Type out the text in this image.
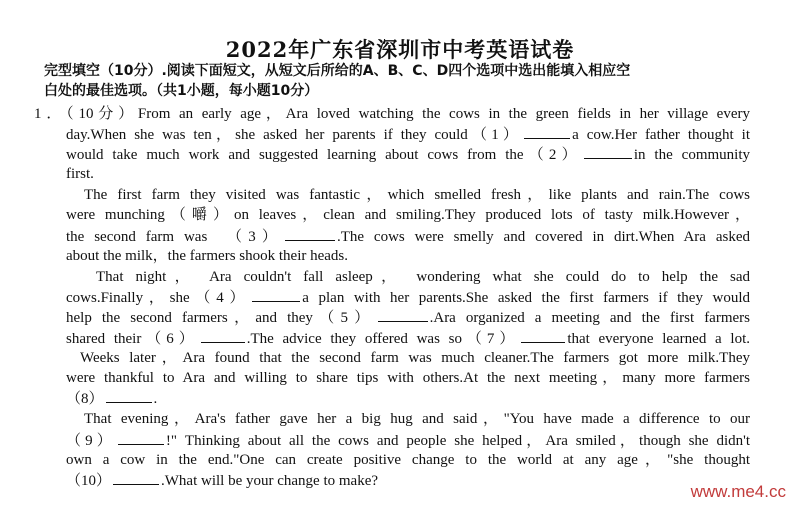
2022年广东省深圳市中考英语试卷
完型填空（10分）.阅读下面短文，从短文后所给的A、B、C、D四个选项中选出能填入相应空
白处的最佳选项。（共1小题，每小题10分）
1．（10分）From an early age，Ara loved watching the cows in the green fields in her village every
day.When she was ten，she asked her parents if they could（1）	a cow.Her father thought it
would take much work and suggested learning about cows from the（2）	in the community
first.
The first farm they visited was fantastic，which smelled fresh，like plants and rain.The cows
were munching（嚼）on leaves，clean and smiling.They produced lots of tasty milk.However，
the second farm was　（3）	.The cows were smelly and covered in dirt.When Ara asked
about the milk，the farmers shook their heads.
That night， Ara couldn't fall asleep， wondering what she could do to help the sad
cows.Finally，she（4）	a plan with her parents.She asked the first farmers if they would
help the second farmers，and they（5）	.Ara organized a meeting and the first farmers
shared their（6）	.The advice they offered was so（7）	that everyone learned a lot.
Weeks later，Ara found that the second farm was much cleaner.The farmers got more milk.They
were thankful to Ara and willing to share tips with others.At the next meeting，many more farmers
（8）	.
That evening，Ara's father gave her a big hug and said，"You have made a difference to our
（9）	!" Thinking about all the cows and people she helped，Ara smiled，though she didn't
own a cow in the end."One can create positive change to the world at any age，"she thought
（10）	.What will be your change to make?
www.me4.cc
